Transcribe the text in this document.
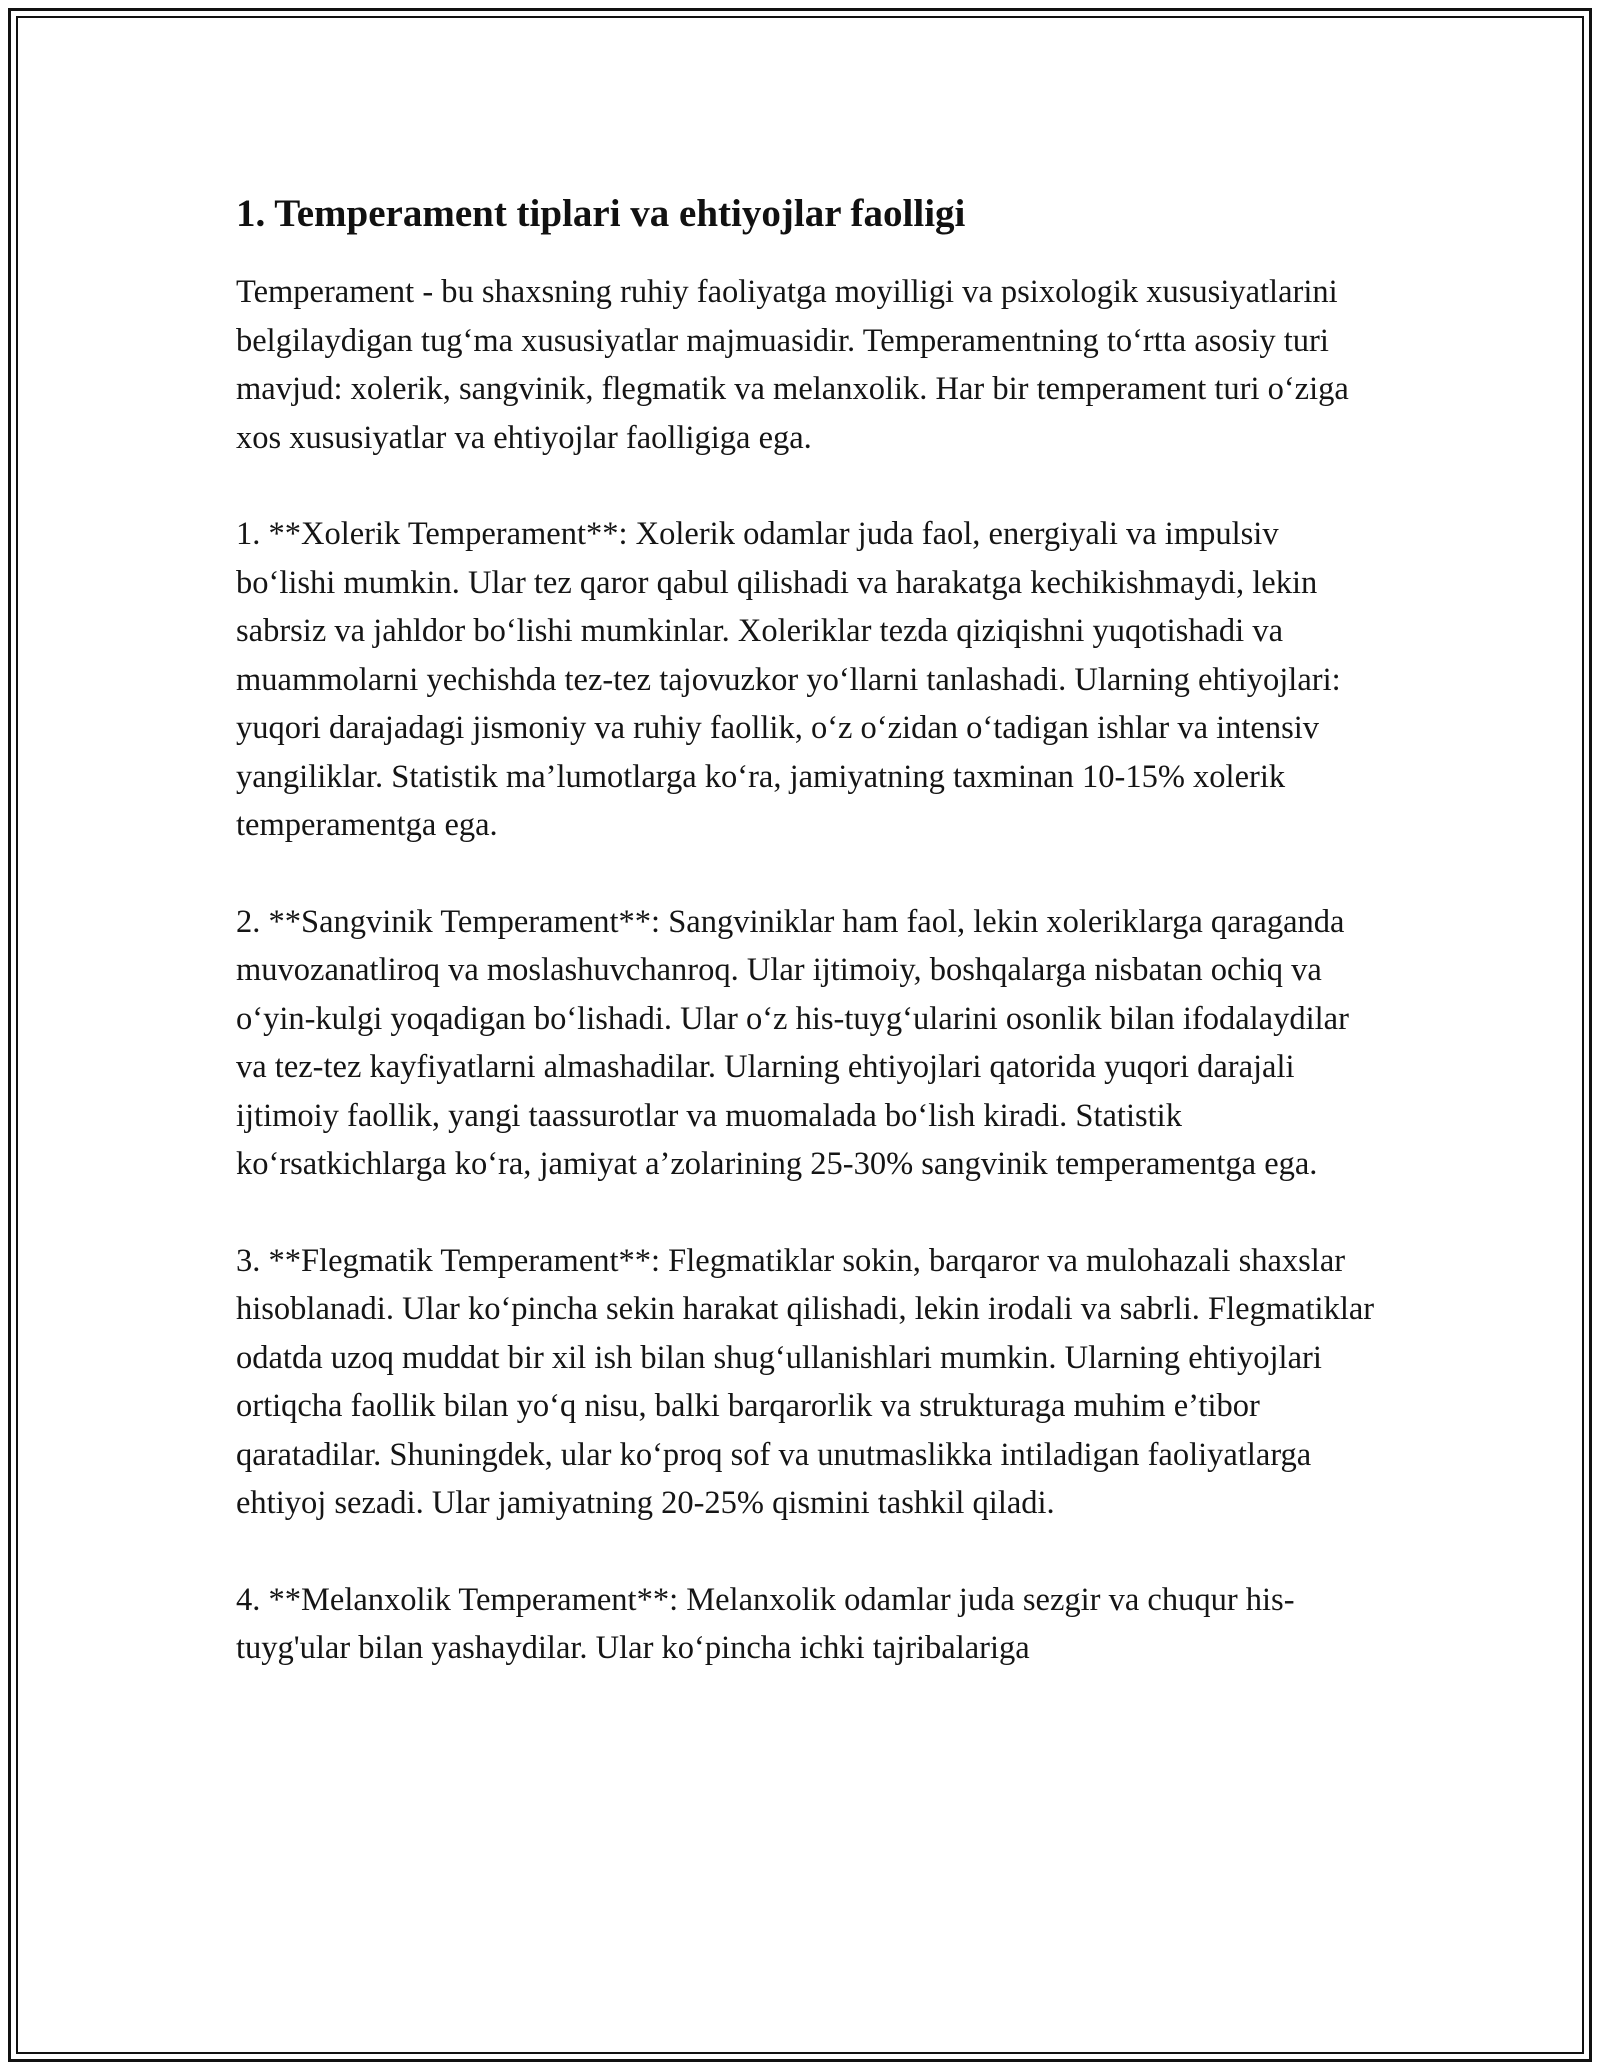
1. Temperament tiplari va ehtiyojlar faolligi

Temperament - bu shaxsning ruhiy faoliyatga moyilligi va psixologik xususiyatlarini belgilaydigan tug‘ma xususiyatlar majmuasidir. Temperamentning to‘rtta asosiy turi mavjud: xolerik, sangvinik, flegmatik va melanxolik. Har bir temperament turi o‘ziga xos xususiyatlar va ehtiyojlar faolligiga ega.

1. **Xolerik Temperament**: Xolerik odamlar juda faol, energiyali va impulsiv bo‘lishi mumkin. Ular tez qaror qabul qilishadi va harakatga kechikishmaydi, lekin sabrsiz va jahldor bo‘lishi mumkinlar. Xoleriklar tezda qiziqishni yuqotishadi va muammolarni yechishda tez-tez tajovuzkor yo‘llarni tanlashadi. Ularning ehtiyojlari: yuqori darajadagi jismoniy va ruhiy faollik, o‘z o‘zidan o‘tadigan ishlar va intensiv yangiliklar. Statistik ma’lumotlarga ko‘ra, jamiyatning taxminan 10-15% xolerik temperamentga ega.

2. **Sangvinik Temperament**: Sangviniklar ham faol, lekin xoleriklarga qaraganda muvozanatliroq va moslashuvchanroq. Ular ijtimoiy, boshqalarga nisbatan ochiq va o‘yin-kulgi yoqadigan bo‘lishadi. Ular o‘z his-tuyg‘ularini osonlik bilan ifodalaydilar va tez-tez kayfiyatlarni almashadilar. Ularning ehtiyojlari qatorida yuqori darajali ijtimoiy faollik, yangi taassurotlar va muomalada bo‘lish kiradi. Statistik ko‘rsatkichlarga ko‘ra, jamiyat a’zolarining 25-30% sangvinik temperamentga ega.

3. **Flegmatik Temperament**: Flegmatiklar sokin, barqaror va mulohazali shaxslar hisoblanadi. Ular ko‘pincha sekin harakat qilishadi, lekin irodali va sabrli. Flegmatiklar odatda uzoq muddat bir xil ish bilan shug‘ullanishlari mumkin. Ularning ehtiyojlari ortiqcha faollik bilan yo‘q nisu, balki barqarorlik va strukturaga muhim e’tibor qaratadilar. Shuningdek, ular ko‘proq sof va unutmaslikka intiladigan faoliyatlarga ehtiyoj sezadi. Ular jamiyatning 20-25% qismini tashkil qiladi.

4. **Melanxolik Temperament**: Melanxolik odamlar juda sezgir va chuqur his-tuyg'ular bilan yashaydilar. Ular ko‘pincha ichki tajribalariga
